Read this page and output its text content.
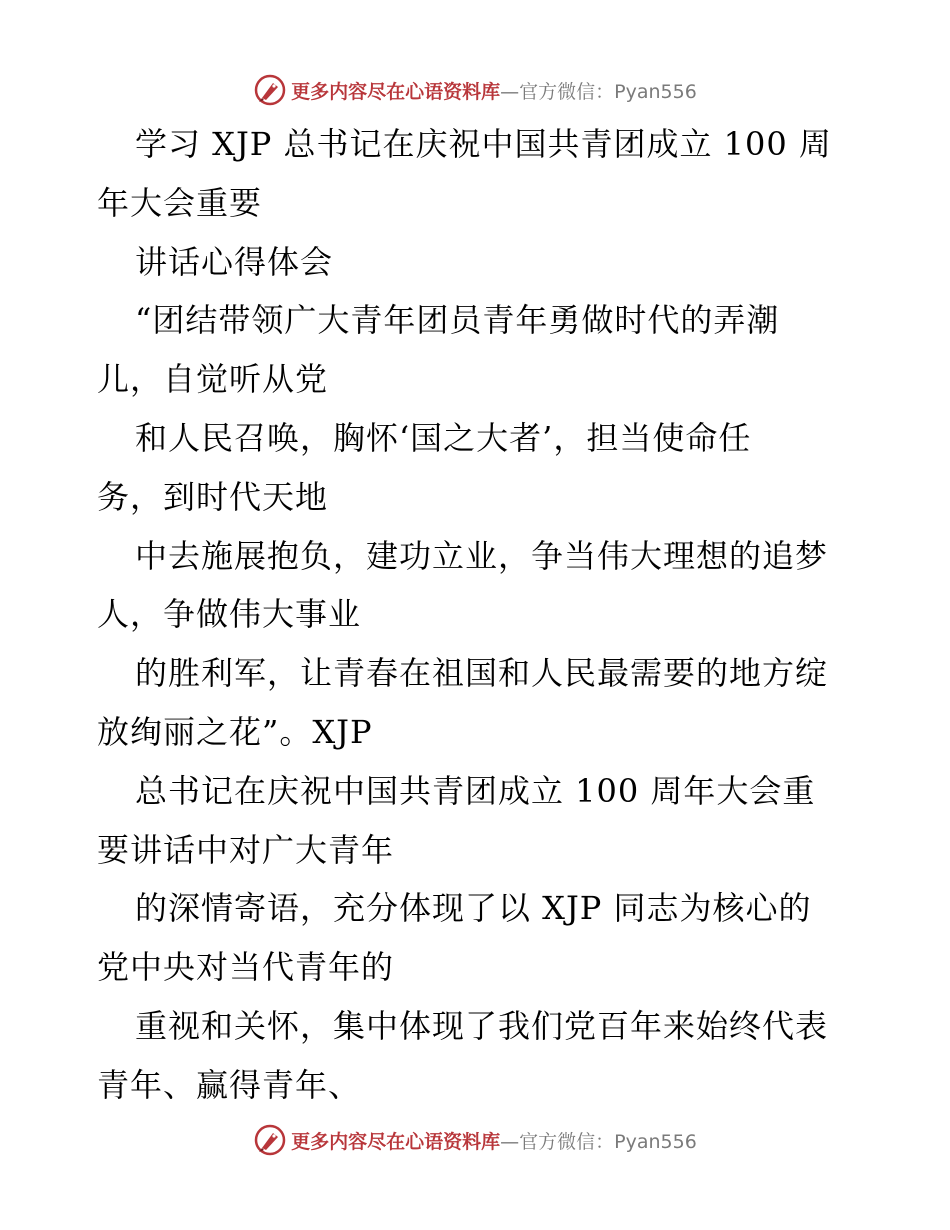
更多内容尽在心语资料库 —官方微信：Pyan556
学习 XJP 总书记在庆祝中国共青团成立 100 周
年大会重要
讲话心得体会
“团结带领广大青年团员青年勇做时代的弄潮
儿，自觉听从党
和人民召唤，胸怀‘国之大者’，担当使命任
务，到时代天地
中去施展抱负，建功立业，争当伟大理想的追梦
人，争做伟大事业
的胜利军，让青春在祖国和人民最需要的地方绽
放绚丽之花”。XJP
总书记在庆祝中国共青团成立 100 周年大会重
要讲话中对广大青年
的深情寄语，充分体现了以 XJP 同志为核心的
党中央对当代青年的
重视和关怀，集中体现了我们党百年来始终代表
青年、赢得青年、
更多内容尽在心语资料库 —官方微信：Pyan556
